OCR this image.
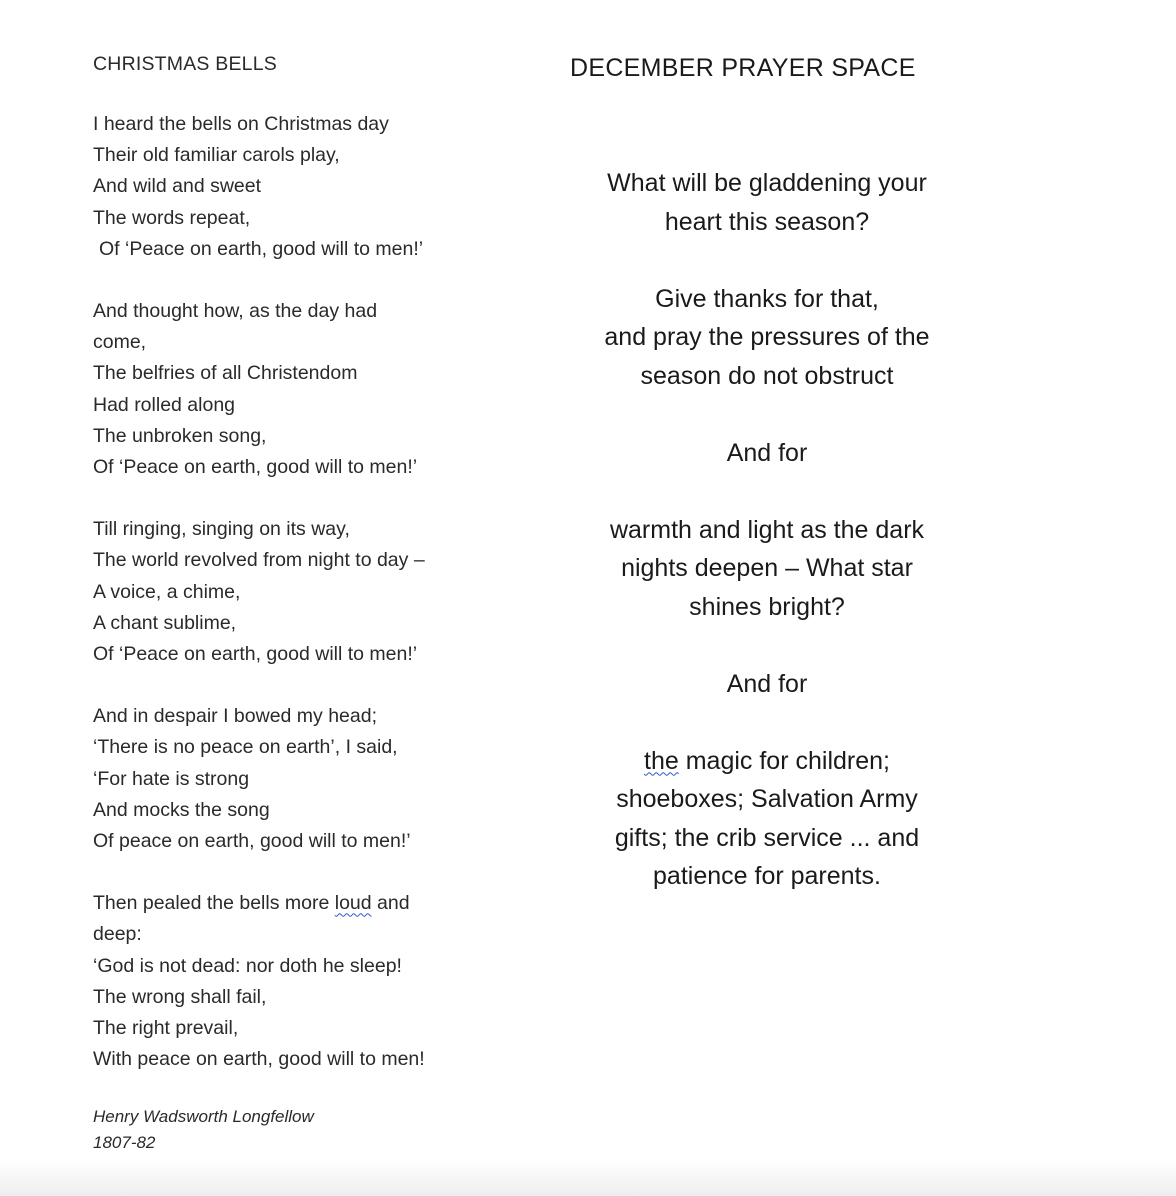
CHRISTMAS BELLS
I heard the bells on Christmas day
Their old familiar carols play,
And wild and sweet
The words repeat,
Of ‘Peace on earth, good will to men!’
And thought how, as the day had
come,
The belfries of all Christendom
Had rolled along
The unbroken song,
Of ‘Peace on earth, good will to men!’
Till ringing, singing on its way,
The world revolved from night to day –
A voice, a chime,
A chant sublime,
Of ‘Peace on earth, good will to men!’
And in despair I bowed my head;
‘There is no peace on earth’, I said,
‘For hate is strong
And mocks the song
Of peace on earth, good will to men!’
Then pealed the bells more loud and
deep:
‘God is not dead: nor doth he sleep!
The wrong shall fail,
The right prevail,
With peace on earth, good will to men!
Henry Wadsworth Longfellow
1807-82
DECEMBER PRAYER SPACE
What will be gladdening your
heart this season?
Give thanks for that,
and pray the pressures of the
season do not obstruct
And for
warmth and light as the dark
nights deepen – What star
shines bright?
And for
the magic for children;
shoeboxes; Salvation Army
gifts; the crib service ... and
patience for parents.
